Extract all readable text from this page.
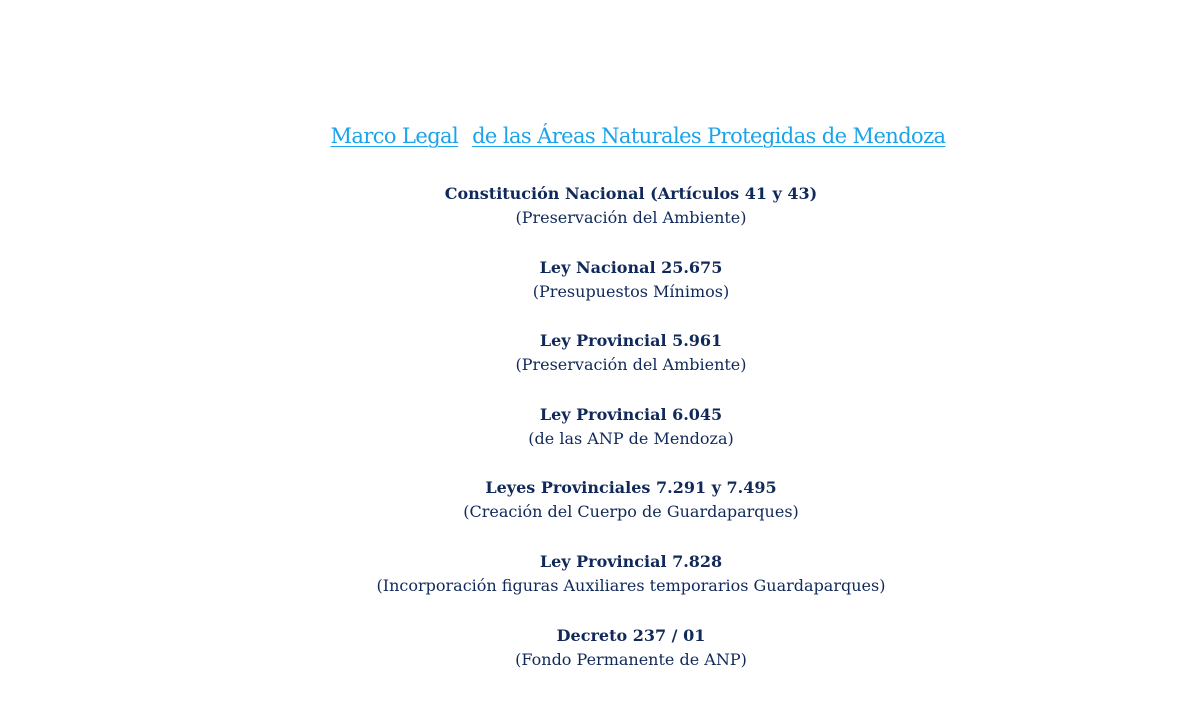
Marco Legal de las Áreas Naturales Protegidas de Mendoza
Constitución Nacional (Artículos 41 y 43)
(Preservación del Ambiente)
Ley Nacional 25.675
(Presupuestos Mínimos)
Ley Provincial 5.961
(Preservación del Ambiente)
Ley Provincial 6.045
(de las ANP de Mendoza)
Leyes Provinciales 7.291 y 7.495
(Creación del Cuerpo de Guardaparques)
Ley Provincial 7.828
(Incorporación figuras Auxiliares temporarios Guardaparques)
Decreto 237 / 01
(Fondo Permanente de ANP)
